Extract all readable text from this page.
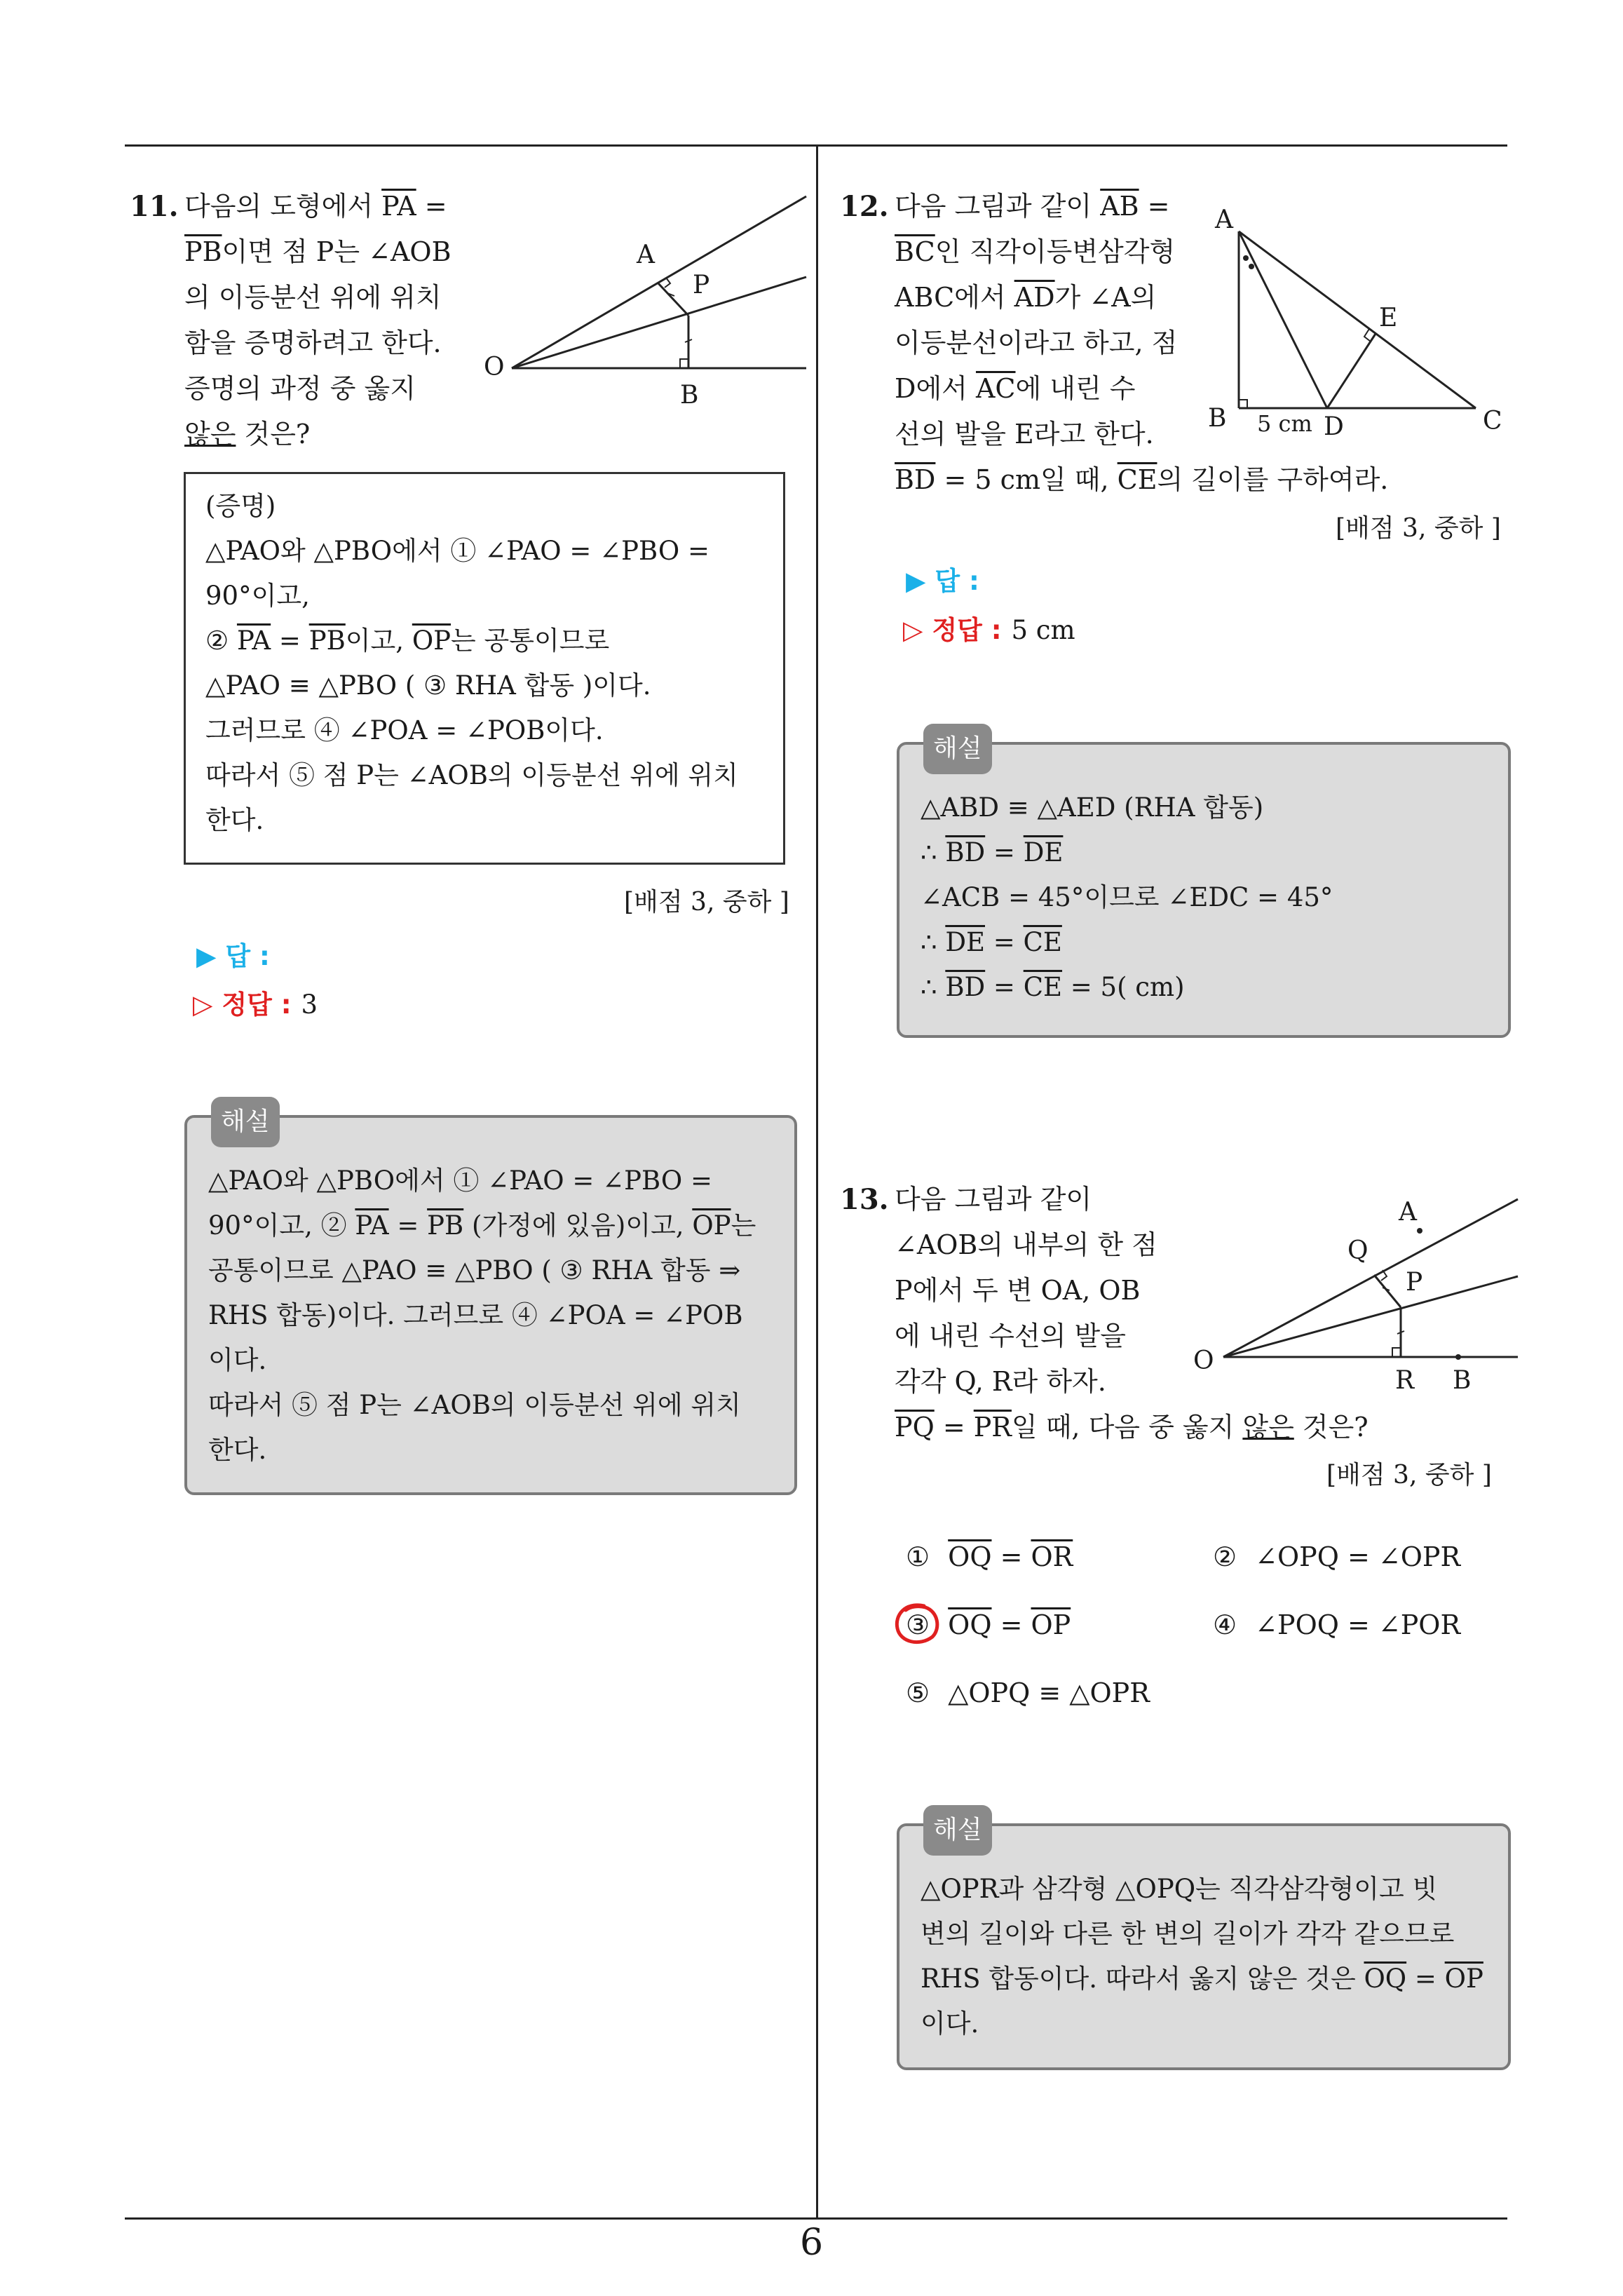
6
11. 다음의 도형에서 $\overline{PA}$ =
$\overline{PB}$이면 점 P는 ∠AOB
의 이등분선 위에 위치
함을 증명하려고 한다.
증명의 과정 중 옳지
않은 것은?
A
P
O
B
(증명)
△PAO와 △PBO에서 ① ∠PAO = ∠PBO =
90°이고,
② $\overline{PA} = \overline{PB}$이고, $\overline{OP}$는 공통이므로
△PAO ≡ △PBO ( ③ RHA 합동 )이다.
그러므로 ④ ∠POA = ∠POB이다.
따라서 ⑤ 점 P는 ∠AOB의 이등분선 위에 위치
한다.
[배점 3, 중하 ]
▶ 답 :
▷ 정답 : 3
해설
△PAO와 △PBO에서 ① ∠PAO = ∠PBO =
90°이고, ② $\overline{PA} = \overline{PB}$ (가정에 있음)이고, $\overline{OP}$는
공통이므로 △PAO ≡ △PBO ( ③ RHA 합동 ⇒
RHS 합동)이다. 그러므로 ④ ∠POA = ∠POB
이다.
따라서 ⑤ 점 P는 ∠AOB의 이등분선 위에 위치
한다.
12. 다음 그림과 같이 $\overline{AB}$ =
$\overline{BC}$인 직각이등변삼각형
ABC에서 $\overline{AD}$가 ∠A의
이등분선이라고 하고, 점
D에서 $\overline{AC}$에 내린 수
선의 발을 E라고 한다.
$\overline{BD} = 5$ cm일 때, $\overline{CE}$의 길이를 구하여라.
A
E
B 5 cm D	C
[배점 3, 중하 ]
▶ 답 :
▷ 정답 : 5 cm
해설
△ABD ≡ △AED (RHA 합동)
∴ $\overline{BD} = \overline{DE}$
∠ACB = 45°이므로 ∠EDC = 45°
∴ $\overline{DE} = \overline{CE}$
∴ $\overline{BD} = \overline{CE} = 5$( cm)
13. 다음 그림과 같이
∠AOB의 내부의 한 점
P에서 두 변 OA, OB
에 내린 수선의 발을
각각 Q, R라 하자.
$\overline{PQ} = \overline{PR}$일 때, 다음 중 옳지 않은 것은?
A
Q
P
O
R B
[배점 3, 중하 ]
① $\overline{OQ} = \overline{OR}$	② ∠OPQ = ∠OPR
③ $\overline{OQ} = \overline{OP}$	④ ∠POQ = ∠POR
⑤ △OPQ ≡ △OPR
해설
△OPR과 삼각형 △OPQ는 직각삼각형이고 빗
변의 길이와 다른 한 변의 길이가 각각 같으므로
RHS 합동이다. 따라서 옳지 않은 것은 $\overline{OQ} = \overline{OP}$
이다.
